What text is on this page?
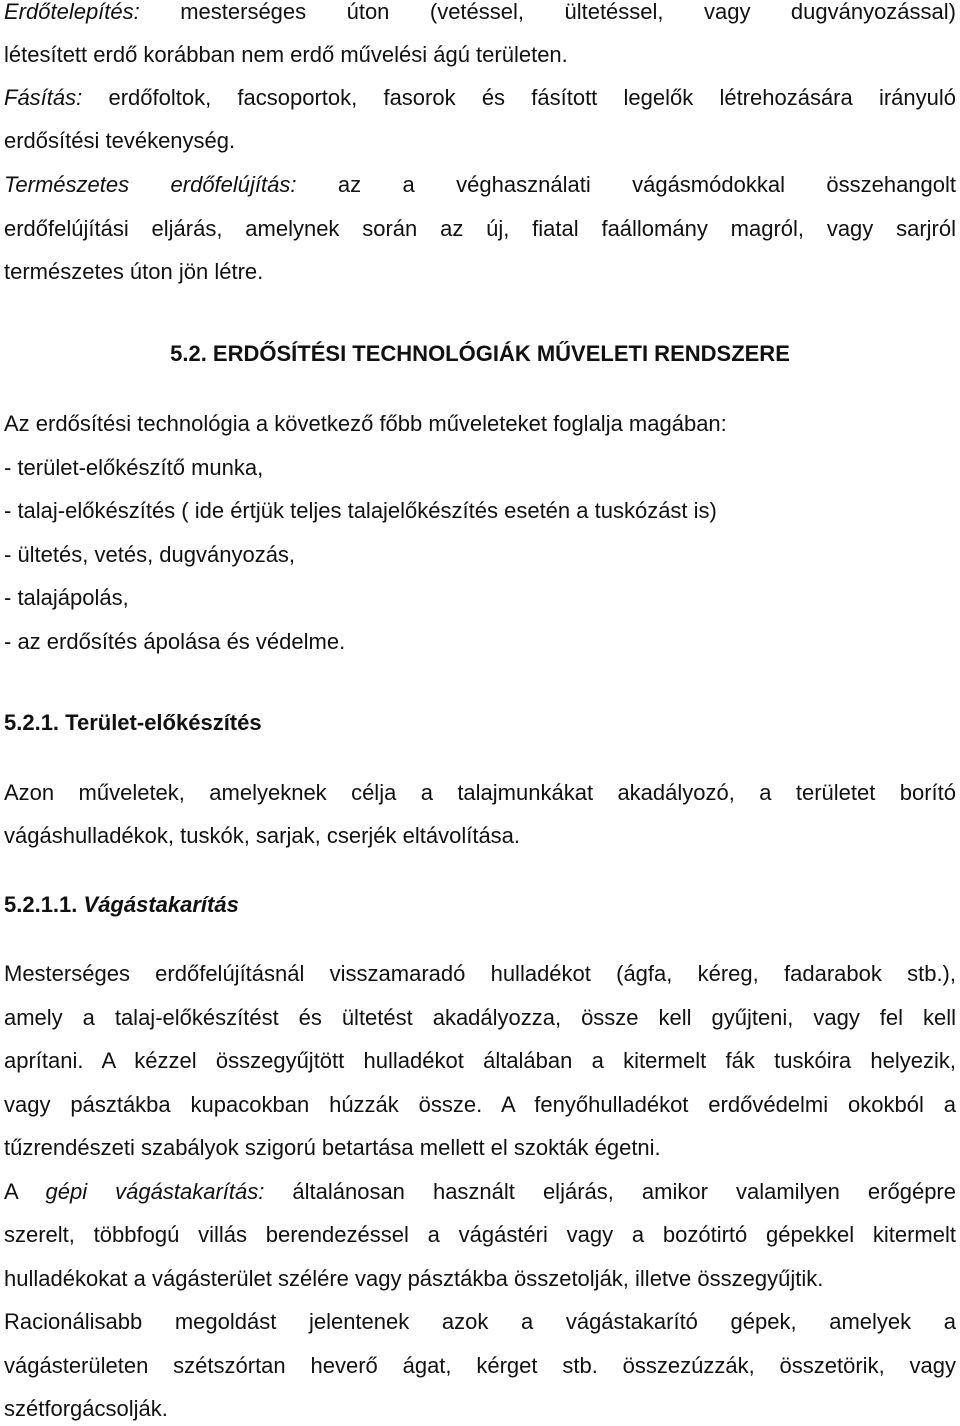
Erdőtelepítés: mesterséges úton (vetéssel, ültetéssel, vagy dugványozással)
létesített erdő korábban nem erdő művelési ágú területen.
Fásítás: erdőfoltok, facsoportok, fasorok és fásított legelők létrehozására irányuló
erdősítési tevékenység.
Természetes erdőfelújítás: az a véghasználati vágásmódokkal összehangolt
erdőfelújítási eljárás, amelynek során az új, fiatal faállomány magról, vagy sarjról
természetes úton jön létre.
5.2. ERDŐSÍTÉSI TECHNOLÓGIÁK MŰVELETI RENDSZERE
Az erdősítési technológia a következő főbb műveleteket foglalja magában:
- terület-előkészítő munka,
- talaj-előkészítés ( ide értjük teljes talajelőkészítés esetén a tuskózást is)
- ültetés, vetés, dugványozás,
- talajápolás,
- az erdősítés ápolása és védelme.
5.2.1. Terület-előkészítés
Azon műveletek, amelyeknek célja a talajmunkákat akadályozó, a területet borító
vágáshulladékok, tuskók, sarjak, cserjék eltávolítása.
5.2.1.1. Vágástakarítás
Mesterséges erdőfelújításnál visszamaradó hulladékot (ágfa, kéreg, fadarabok stb.),
amely a talaj-előkészítést és ültetést akadályozza, össze kell gyűjteni, vagy fel kell
aprítani. A kézzel összegyűjtött hulladékot általában a kitermelt fák tuskóira helyezik,
vagy pásztákba kupacokban húzzák össze. A fenyőhulladékot erdővédelmi okokból a
tűzrendészeti szabályok szigorú betartása mellett el szokták égetni.
A gépi vágástakarítás: általánosan használt eljárás, amikor valamilyen erőgépre
szerelt, többfogú villás berendezéssel a vágástéri vagy a bozótirtó gépekkel kitermelt
hulladékokat a vágásterület szélére vagy pásztákba összetolják, illetve összegyűjtik.
Racionálisabb megoldást jelentenek azok a vágástakarító gépek, amelyek a
vágásterületen szétszórtan heverő ágat, kérget stb. összezúzzák, összetörik, vagy
szétforgácsolják.
